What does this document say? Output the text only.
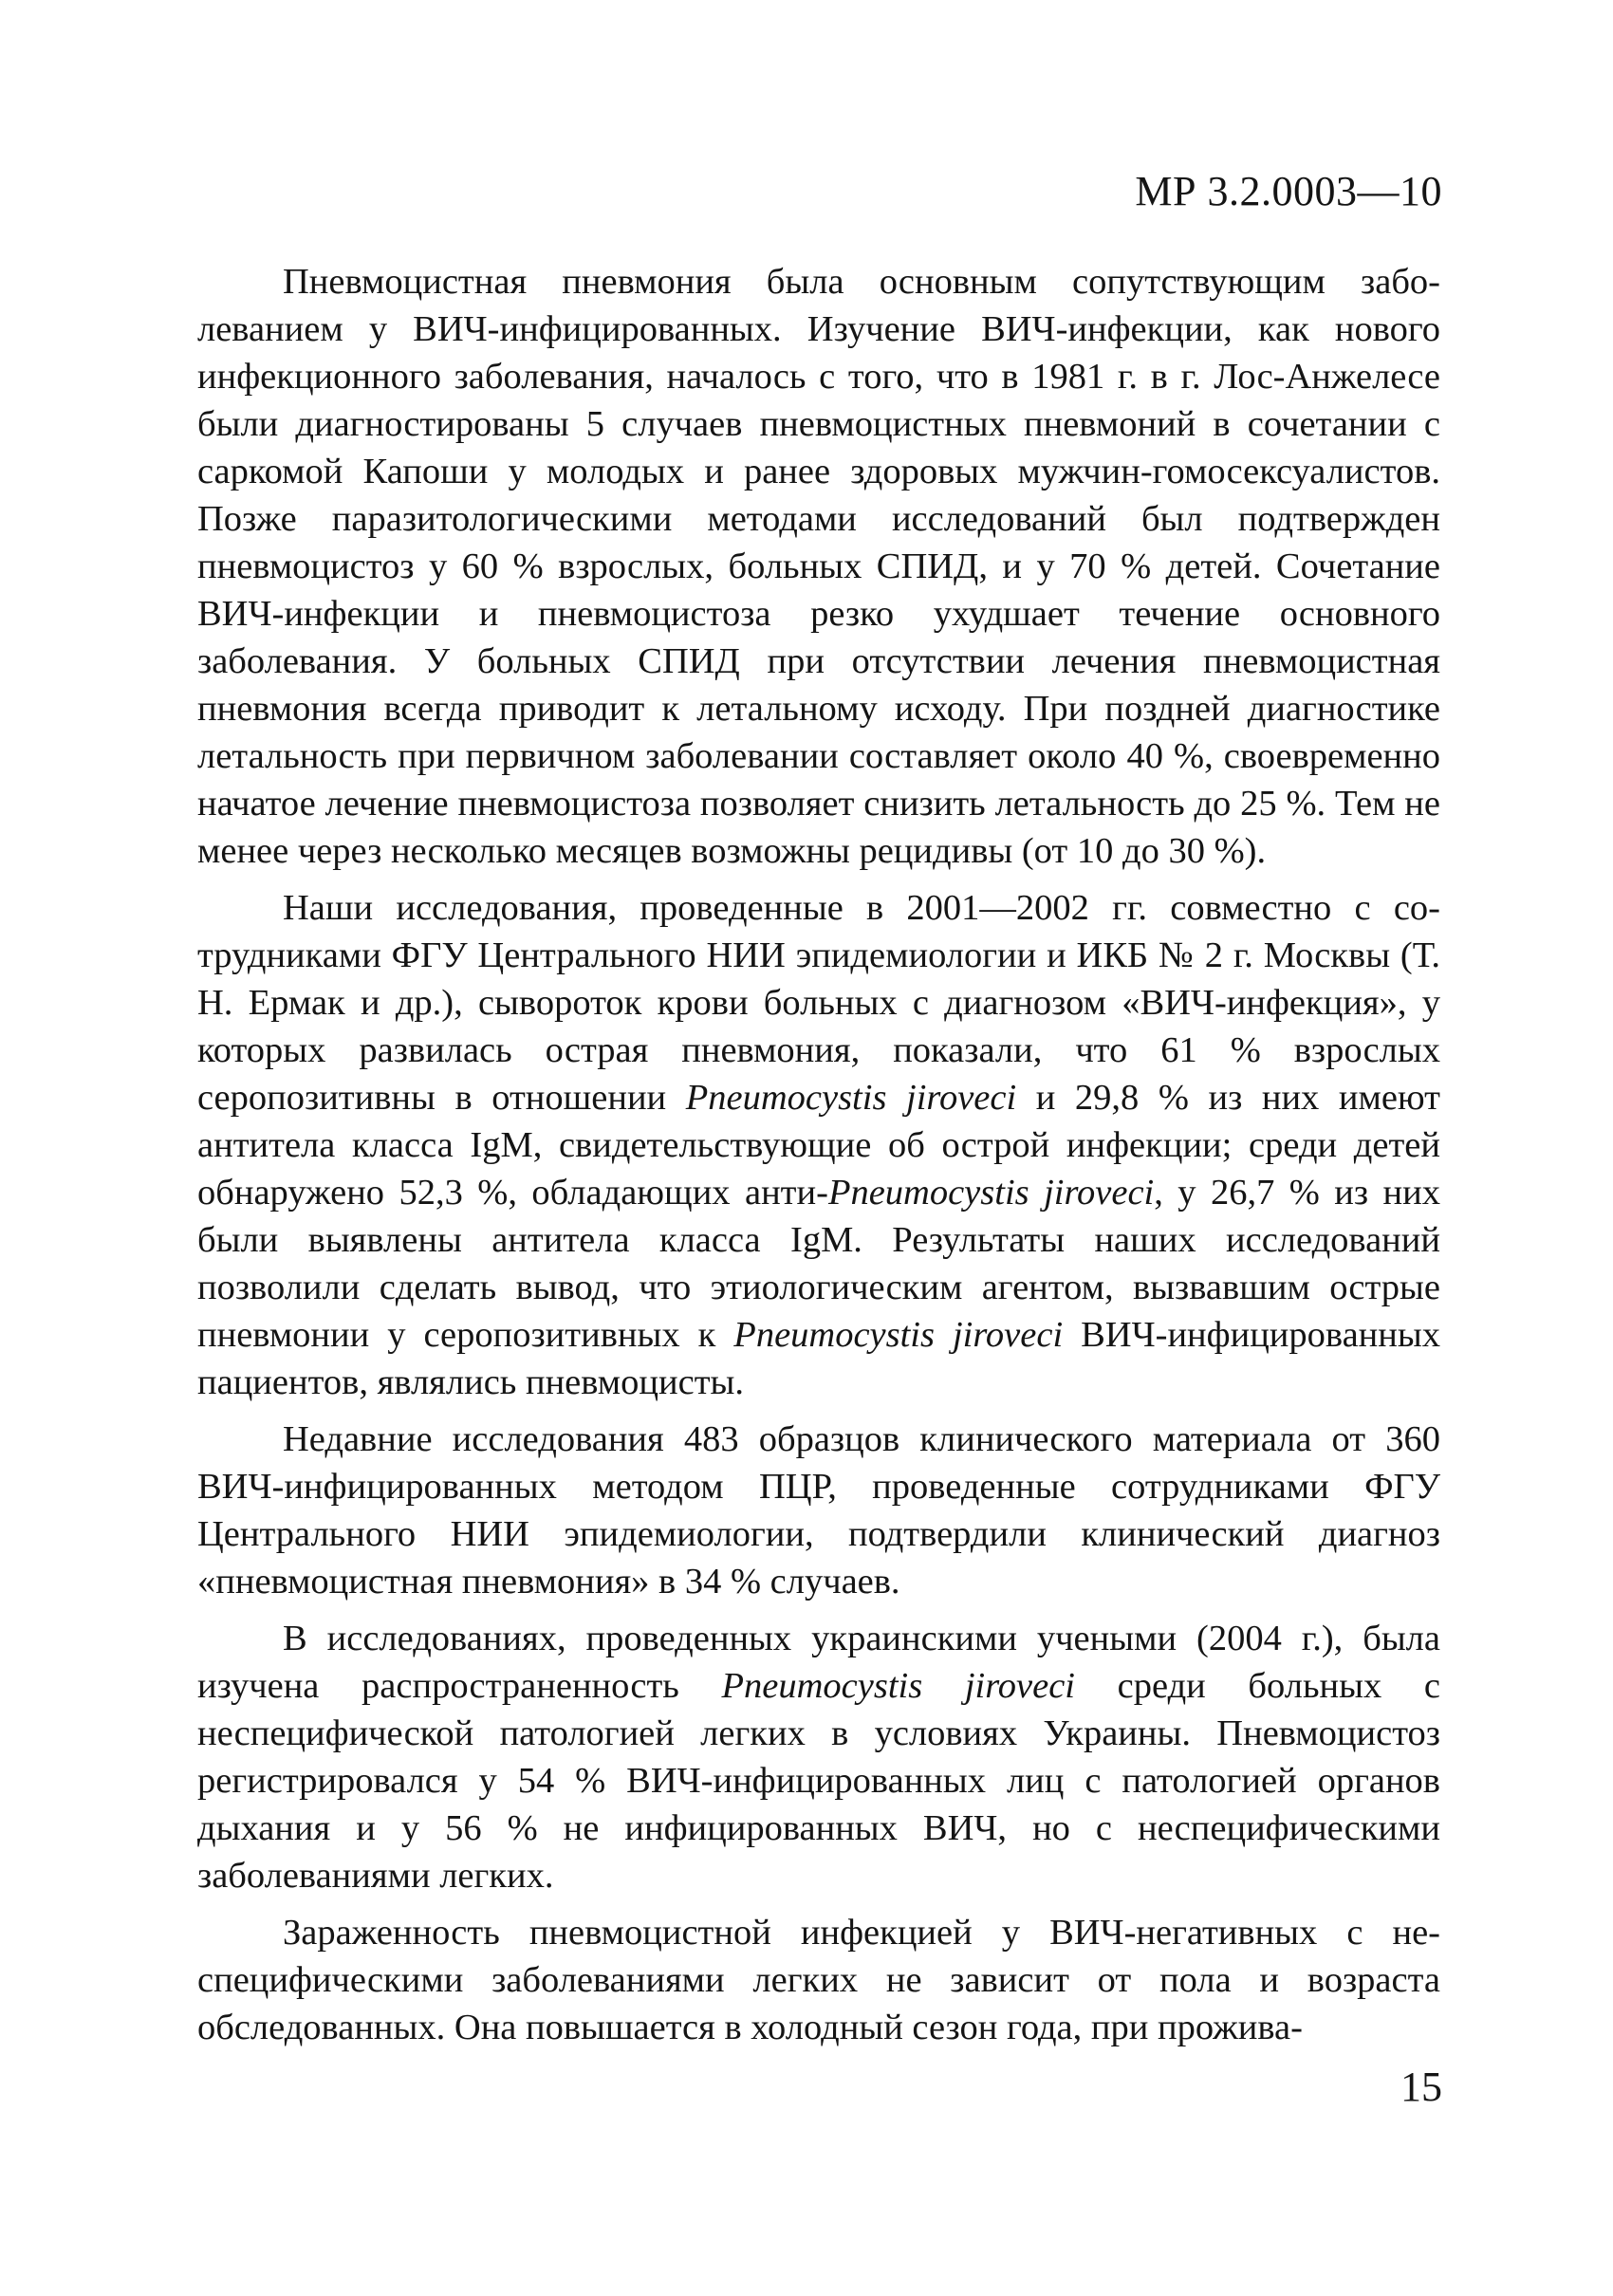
МР 3.2.0003—10

Пневмоцистная пневмония была основным сопутствующим заболеванием у ВИЧ-инфицированных. Изучение ВИЧ-инфекции, как нового инфекционного заболевания, началось с того, что в 1981 г. в г. Лос-Анжелесе были диагностированы 5 случаев пневмоцистных пневмоний в сочетании с саркомой Капоши у молодых и ранее здоровых мужчин-гомосексуалистов. Позже паразитологическими методами исследований был подтвержден пневмоцистоз у 60 % взрослых, больных СПИД, и у 70 % детей. Сочетание ВИЧ-инфекции и пневмоцистоза резко ухудшает течение основного заболевания. У больных СПИД при отсутствии лечения пневмоцистная пневмония всегда приводит к летальному исходу. При поздней диагностике летальность при первичном заболевании составляет около 40 %, своевременно начатое лечение пневмоцистоза позволяет снизить летальность до 25 %. Тем не менее через несколько месяцев возможны рецидивы (от 10 до 30 %).

Наши исследования, проведенные в 2001—2002 гг. совместно с сотрудниками ФГУ Центрального НИИ эпидемиологии и ИКБ № 2 г. Москвы (Т. Н. Ермак и др.), сывороток крови больных с диагнозом «ВИЧ-инфекция», у которых развилась острая пневмония, показали, что 61 % взрослых серопозитивны в отношении Pneumocystis jiroveci и 29,8 % из них имеют антитела класса IgM, свидетельствующие об острой инфекции; среди детей обнаружено 52,3 %, обладающих анти-Pneumocystis jiroveci, у 26,7 % из них были выявлены антитела класса IgM. Результаты наших исследований позволили сделать вывод, что этиологическим агентом, вызвавшим острые пневмонии у серопозитивных к Pneumocystis jiroveci ВИЧ-инфицированных пациентов, являлись пневмоцисты.

Недавние исследования 483 образцов клинического материала от 360 ВИЧ-инфицированных методом ПЦР, проведенные сотрудниками ФГУ Центрального НИИ эпидемиологии, подтвердили клинический диагноз «пневмоцистная пневмония» в 34 % случаев.

В исследованиях, проведенных украинскими учеными (2004 г.), была изучена распространенность Pneumocystis jiroveci среди больных с неспецифической патологией легких в условиях Украины. Пневмоцистоз регистрировался у 54 % ВИЧ-инфицированных лиц с патологией органов дыхания и у 56 % не инфицированных ВИЧ, но с неспецифическими заболеваниями легких.

Зараженность пневмоцистной инфекцией у ВИЧ-негативных с неспецифическими заболеваниями легких не зависит от пола и возраста обследованных. Она повышается в холодный сезон года, при прожива-

15
